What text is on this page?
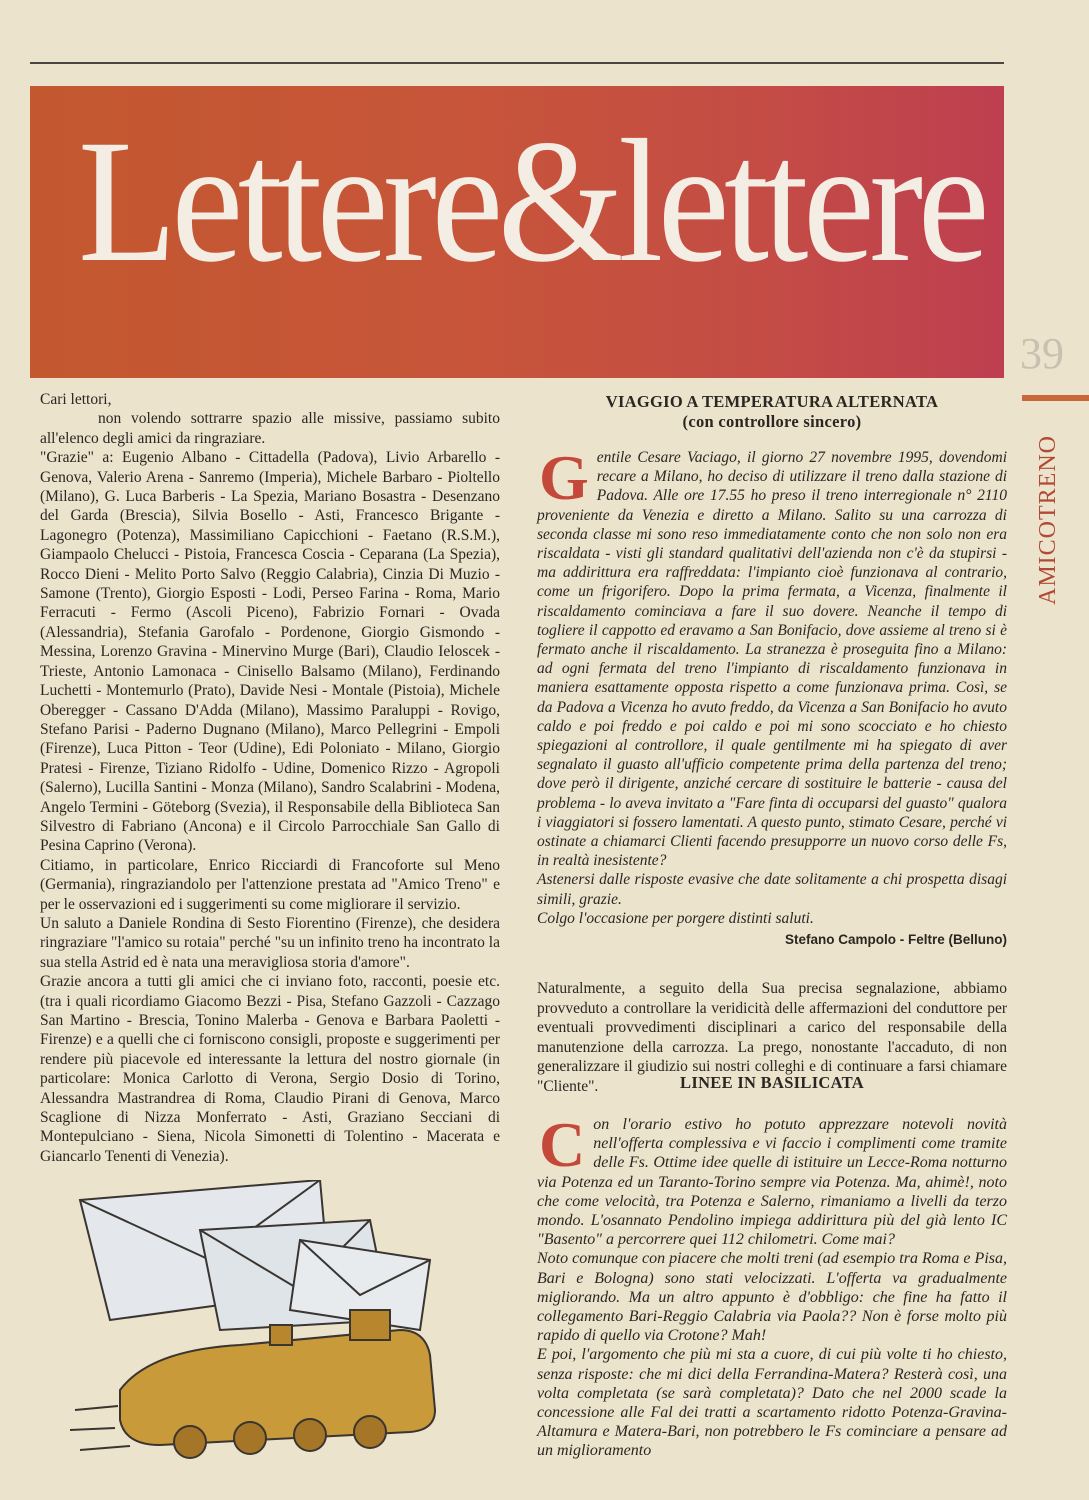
Lettere&lettere
39
AMICOTRENO

Cari lettori,

non volendo sottrarre spazio alle missive, passiamo subito all'elenco degli amici da ringraziare.

"Grazie" a: Eugenio Albano - Cittadella (Padova), Livio Arbarello - Genova, Valerio Arena - Sanremo (Imperia), Michele Barbaro - Pioltello (Milano), G. Luca Barberis - La Spezia, Mariano Bosastra - Desenzano del Garda (Brescia), Silvia Bosello - Asti, Francesco Brigante - Lagonegro (Potenza), Massimiliano Capicchioni - Faetano (R.S.M.), Giampaolo Chelucci - Pistoia, Francesca Coscia - Ceparana (La Spezia), Rocco Dieni - Melito Porto Salvo (Reggio Calabria), Cinzia Di Muzio - Samone (Trento), Giorgio Esposti - Lodi, Perseo Farina - Roma, Mario Ferracuti - Fermo (Ascoli Piceno), Fabrizio Fornari - Ovada (Alessandria), Stefania Garofalo - Pordenone, Giorgio Gismondo - Messina, Lorenzo Gravina - Minervino Murge (Bari), Claudio Ieloscek - Trieste, Antonio Lamonaca - Cinisello Balsamo (Milano), Ferdinando Luchetti - Montemurlo (Prato), Davide Nesi - Montale (Pistoia), Michele Oberegger - Cassano D'Adda (Milano), Massimo Paraluppi - Rovigo, Stefano Parisi - Paderno Dugnano (Milano), Marco Pellegrini - Empoli (Firenze), Luca Pitton - Teor (Udine), Edi Poloniato - Milano, Giorgio Pratesi - Firenze, Tiziano Ridolfo - Udine, Domenico Rizzo - Agropoli (Salerno), Lucilla Santini - Monza (Milano), Sandro Scalabrini - Modena, Angelo Termini - Göteborg (Svezia), il Responsabile della Biblioteca San Silvestro di Fabriano (Ancona) e il Circolo Parrocchiale San Gallo di Pesina Caprino (Verona).

Citiamo, in particolare, Enrico Ricciardi di Francoforte sul Meno (Germania), ringraziandolo per l'attenzione prestata ad "Amico Treno" e per le osservazioni ed i suggerimenti su come migliorare il servizio.

Un saluto a Daniele Rondina di Sesto Fiorentino (Firenze), che desidera ringraziare "l'amico su rotaia" perché "su un infinito treno ha incontrato la sua stella Astrid ed è nata una meravigliosa storia d'amore".

Grazie ancora a tutti gli amici che ci inviano foto, racconti, poesie etc. (tra i quali ricordiamo Giacomo Bezzi - Pisa, Stefano Gazzoli - Cazzago San Martino - Brescia, Tonino Malerba - Genova e Barbara Paoletti - Firenze) e a quelli che ci forniscono consigli, proposte e suggerimenti per rendere più piacevole ed interessante la lettura del nostro giornale (in particolare: Monica Carlotto di Verona, Sergio Dosio di Torino, Alessandra Mastrandrea di Roma, Claudio Pirani di Genova, Marco Scaglione di Nizza Monferrato - Asti, Graziano Secciani di Montepulciano - Siena, Nicola Simonetti di Tolentino - Macerata e Giancarlo Tenenti di Venezia).

VIAGGIO A TEMPERATURA ALTERNATA
(con controllore sincero)
G entile Cesare Vaciago, il giorno 27 novembre 1995, dovendomi recare a Milano, ho deciso di utilizzare il treno dalla stazione di Padova. Alle ore 17.55 ho preso il treno interregionale n° 2110 proveniente da Venezia e diretto a Milano. Salito su una carrozza di seconda classe mi sono reso immediatamente conto che non solo non era riscaldata - visti gli standard qualitativi dell'azienda non c'è da stupirsi - ma addirittura era raffreddata: l'impianto cioè funzionava al contrario, come un frigorifero. Dopo la prima fermata, a Vicenza, finalmente il riscaldamento cominciava a fare il suo dovere. Neanche il tempo di togliere il cappotto ed eravamo a San Bonifacio, dove assieme al treno si è fermato anche il riscaldamento. La stranezza è proseguita fino a Milano: ad ogni fermata del treno l'impianto di riscaldamento funzionava in maniera esattamente opposta rispetto a come funzionava prima. Così, se da Padova a Vicenza ho avuto freddo, da Vicenza a San Bonifacio ho avuto caldo e poi freddo e poi caldo e poi mi sono scocciato e ho chiesto spiegazioni al controllore, il quale gentilmente mi ha spiegato di aver segnalato il guasto all'ufficio competente prima della partenza del treno; dove però il dirigente, anziché cercare di sostituire le batterie - causa del problema - lo aveva invitato a "Fare finta di occuparsi del guasto" qualora i viaggiatori si fossero lamentati. A questo punto, stimato Cesare, perché vi ostinate a chiamarci Clienti facendo presupporre un nuovo corso delle Fs, in realtà inesistente?

Astenersi dalle risposte evasive che date solitamente a chi prospetta disagi simili, grazie.

Colgo l'occasione per porgere distinti saluti.

Stefano Campolo - Feltre (Belluno)

Naturalmente, a seguito della Sua precisa segnalazione, abbiamo provveduto a controllare la veridicità delle affermazioni del conduttore per eventuali provvedimenti disciplinari a carico del responsabile della manutenzione della carrozza. La prego, nonostante l'accaduto, di non generalizzare il giudizio sui nostri colleghi e di continuare a farsi chiamare "Cliente".	LINEE IN BASILICATA
C on l'orario estivo ho potuto apprezzare notevoli novità nell'offerta complessiva e vi faccio i complimenti come tramite delle Fs. Ottime idee quelle di istituire un Lecce-Roma notturno via Potenza ed un Taranto-Torino sempre via Potenza. Ma, ahimè!, noto che come velocità, tra Potenza e Salerno, rimaniamo a livelli da terzo mondo. L'osannato Pendolino impiega addirittura più del già lento IC "Basento" a percorrere quei 112 chilometri. Come mai?

Noto comunque con piacere che molti treni (ad esempio tra Roma e Pisa, Bari e Bologna) sono stati velocizzati. L'offerta va gradualmente migliorando. Ma un altro appunto è d'obbligo: che fine ha fatto il collegamento Bari-Reggio Calabria via Paola?? Non è forse molto più rapido di quello via Crotone? Mah!

E poi, l'argomento che più mi sta a cuore, di cui più volte ti ho chiesto, senza risposte: che mi dici della Ferrandina-Matera? Resterà così, una volta completata (se sarà completata)? Dato che nel 2000 scade la concessione alle Fal dei tratti a scartamento ridotto Potenza-Gravina-Altamura e Matera-Bari, non potrebbero le Fs cominciare a pensare ad un miglioramento
